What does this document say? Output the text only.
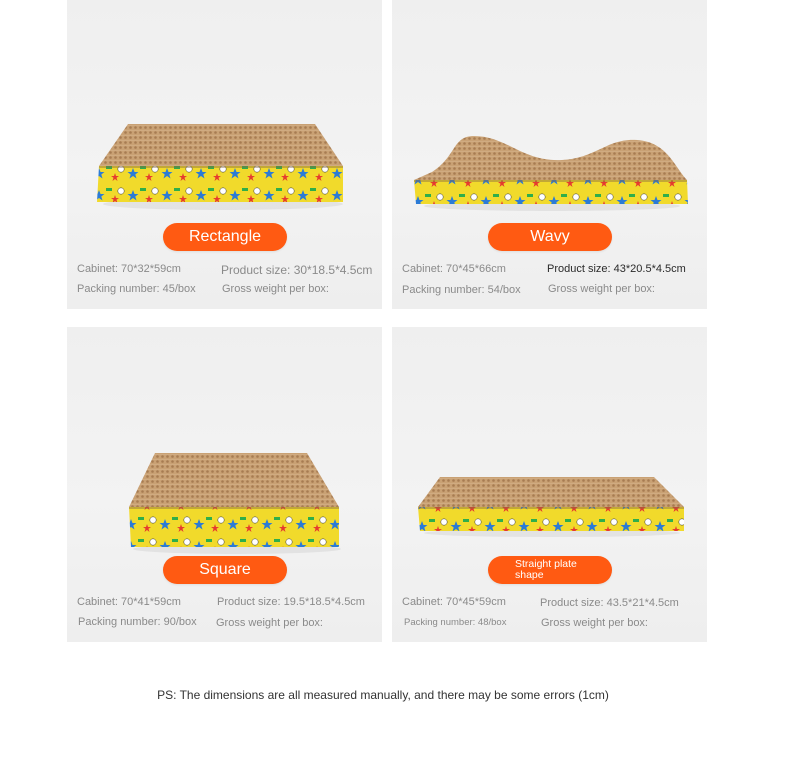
Rectangle
Cabinet: 70*32*59cm	Product size: 30*18.5*4.5cm
Packing number: 45/box Gross weight per box:
Wavy
Cabinet: 70*45*66cm	Product size: 43*20.5*4.5cm
Packing number: 54/box Gross weight per box:
Square
Cabinet: 70*41*59cm	Product size: 19.5*18.5*4.5cm
Packing number: 90/box Gross weight per box:
Straight plate shape
Cabinet: 70*45*59cm	Product size: 43.5*21*4.5cm
Packing number: 48/box	Gross weight per box:
PS: The dimensions are all measured manually, and there may be some errors (1cm)
